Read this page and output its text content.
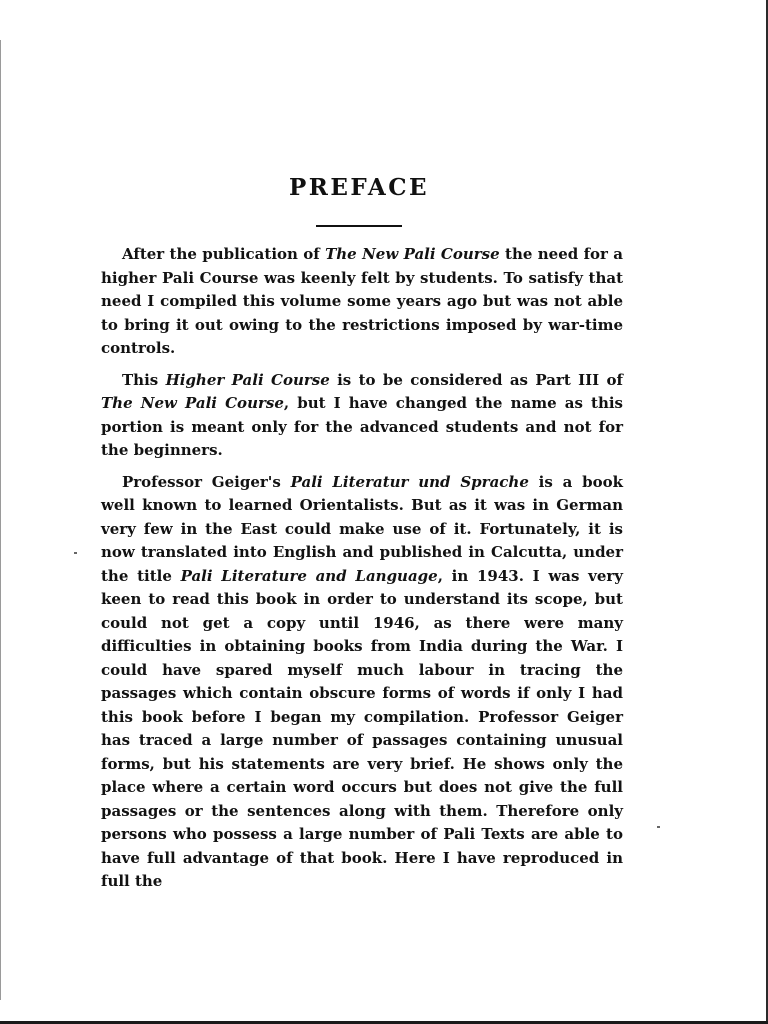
PREFACE

After the publication of The New Pali Course the need for a higher Pali Course was keenly felt by students. To satisfy that need I compiled this volume some years ago but was not able to bring it out owing to the restrictions imposed by war-time controls.

This Higher Pali Course is to be considered as Part III of The New Pali Course, but I have changed the name as this portion is meant only for the advanced students and not for the beginners.

Professor Geiger's Pali Literatur und Sprache is a book well known to learned Orientalists. But as it was in German very few in the East could make use of it. Fortunately, it is now translated into English and published in Calcutta, under the title Pali Literature and Language, in 1943. I was very keen to read this book in order to understand its scope, but could not get a copy until 1946, as there were many difficulties in obtaining books from India during the War. I could have spared myself much labour in tracing the passages which contain obscure forms of words if only I had this book before I began my compilation. Professor Geiger has traced a large number of passages containing unusual forms, but his statements are very brief. He shows only the place where a certain word occurs but does not give the full passages or the sentences along with them. Therefore only persons who possess a large number of Pali Texts are able to have full advantage of that book. Here I have reproduced in full the
